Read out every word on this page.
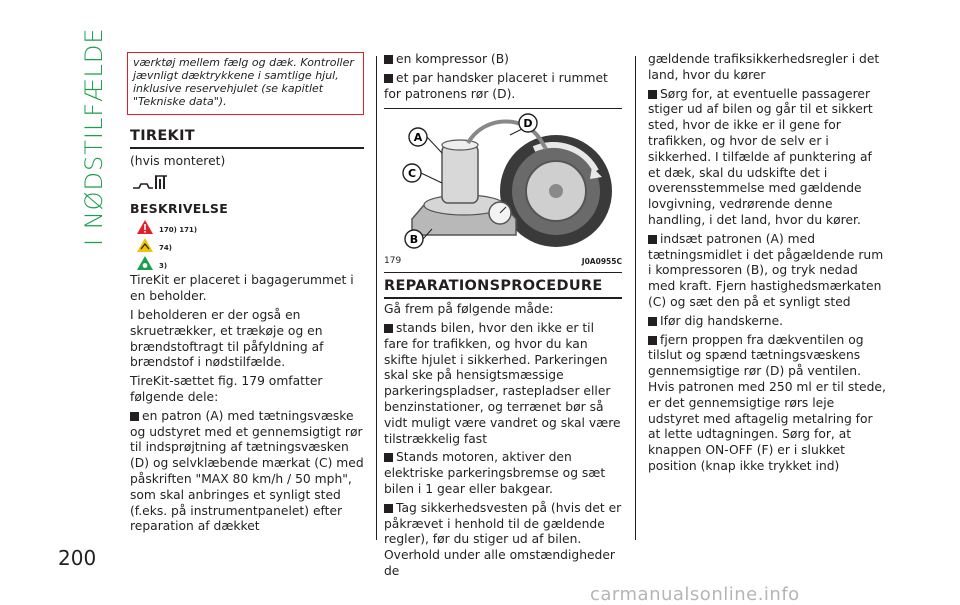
I NØDSTILFÆLDE
200
værktøj mellem fælg og dæk. Kontroller jævnligt dæktrykkene i samtlige hjul, inklusive reservehjulet (se kapitlet "Tekniske data").
TIREKIT

(hvis monteret)

BESKRIVELSE
170) 171)
74)
3)

TireKit er placeret i bagagerummet i en beholder.

I beholderen er der også en skruetrækker, et trækøje og en brændstoftragt til påfyldning af brændstof i nødstilfælde.

TireKit-sættet fig. 179 omfatter følgende dele:

en patron (A) med tætningsvæske og udstyret med et gennemsigtigt rør til indsprøjtning af tætningsvæsken (D) og selvklæbende mærkat (C) med påskriften "MAX 80 km/h / 50 mph", som skal anbringes et synligt sted (f.eks. på instrumentpanelet) efter reparation af dækket

en kompressor (B)

et par handsker placeret i rummet for patronens rør (D).

A
C
B
D
179	J0A0955C
REPARATIONSPROCEDURE

Gå frem på følgende måde:

stands bilen, hvor den ikke er til fare for trafikken, og hvor du kan skifte hjulet i sikkerhed. Parkeringen skal ske på hensigtsmæssige parkeringspladser, rastepladser eller benzinstationer, og terrænet bør så vidt muligt være vandret og skal være tilstrækkelig fast

Stands motoren, aktiver den elektriske parkeringsbremse og sæt bilen i 1 gear eller bakgear.

Tag sikkerhedsvesten på (hvis det er påkrævet i henhold til de gældende regler), før du stiger ud af bilen. Overhold under alle omstændigheder de

gældende trafiksikkerhedsregler i det land, hvor du kører

Sørg for, at eventuelle passagerer stiger ud af bilen og går til et sikkert sted, hvor de ikke er il gene for trafikken, og hvor de selv er i sikkerhed. I tilfælde af punktering af et dæk, skal du udskifte det i overensstemmelse med gældende lovgivning, vedrørende denne handling, i det land, hvor du kører.

indsæt patronen (A) med tætningsmidlet i det pågældende rum i kompressoren (B), og tryk nedad med kraft. Fjern hastighedsmærkaten (C) og sæt den på et synligt sted

Ifør dig handskerne.

fjern proppen fra dækventilen og tilslut og spænd tætningsvæskens gennemsigtige rør (D) på ventilen. Hvis patronen med 250 ml er til stede, er det gennemsigtige rørs leje udstyret med aftagelig metalring for at lette udtagningen. Sørg for, at knappen ON-OFF (F) er i slukket position (knap ikke trykket ind)

carmanualsonline.info
